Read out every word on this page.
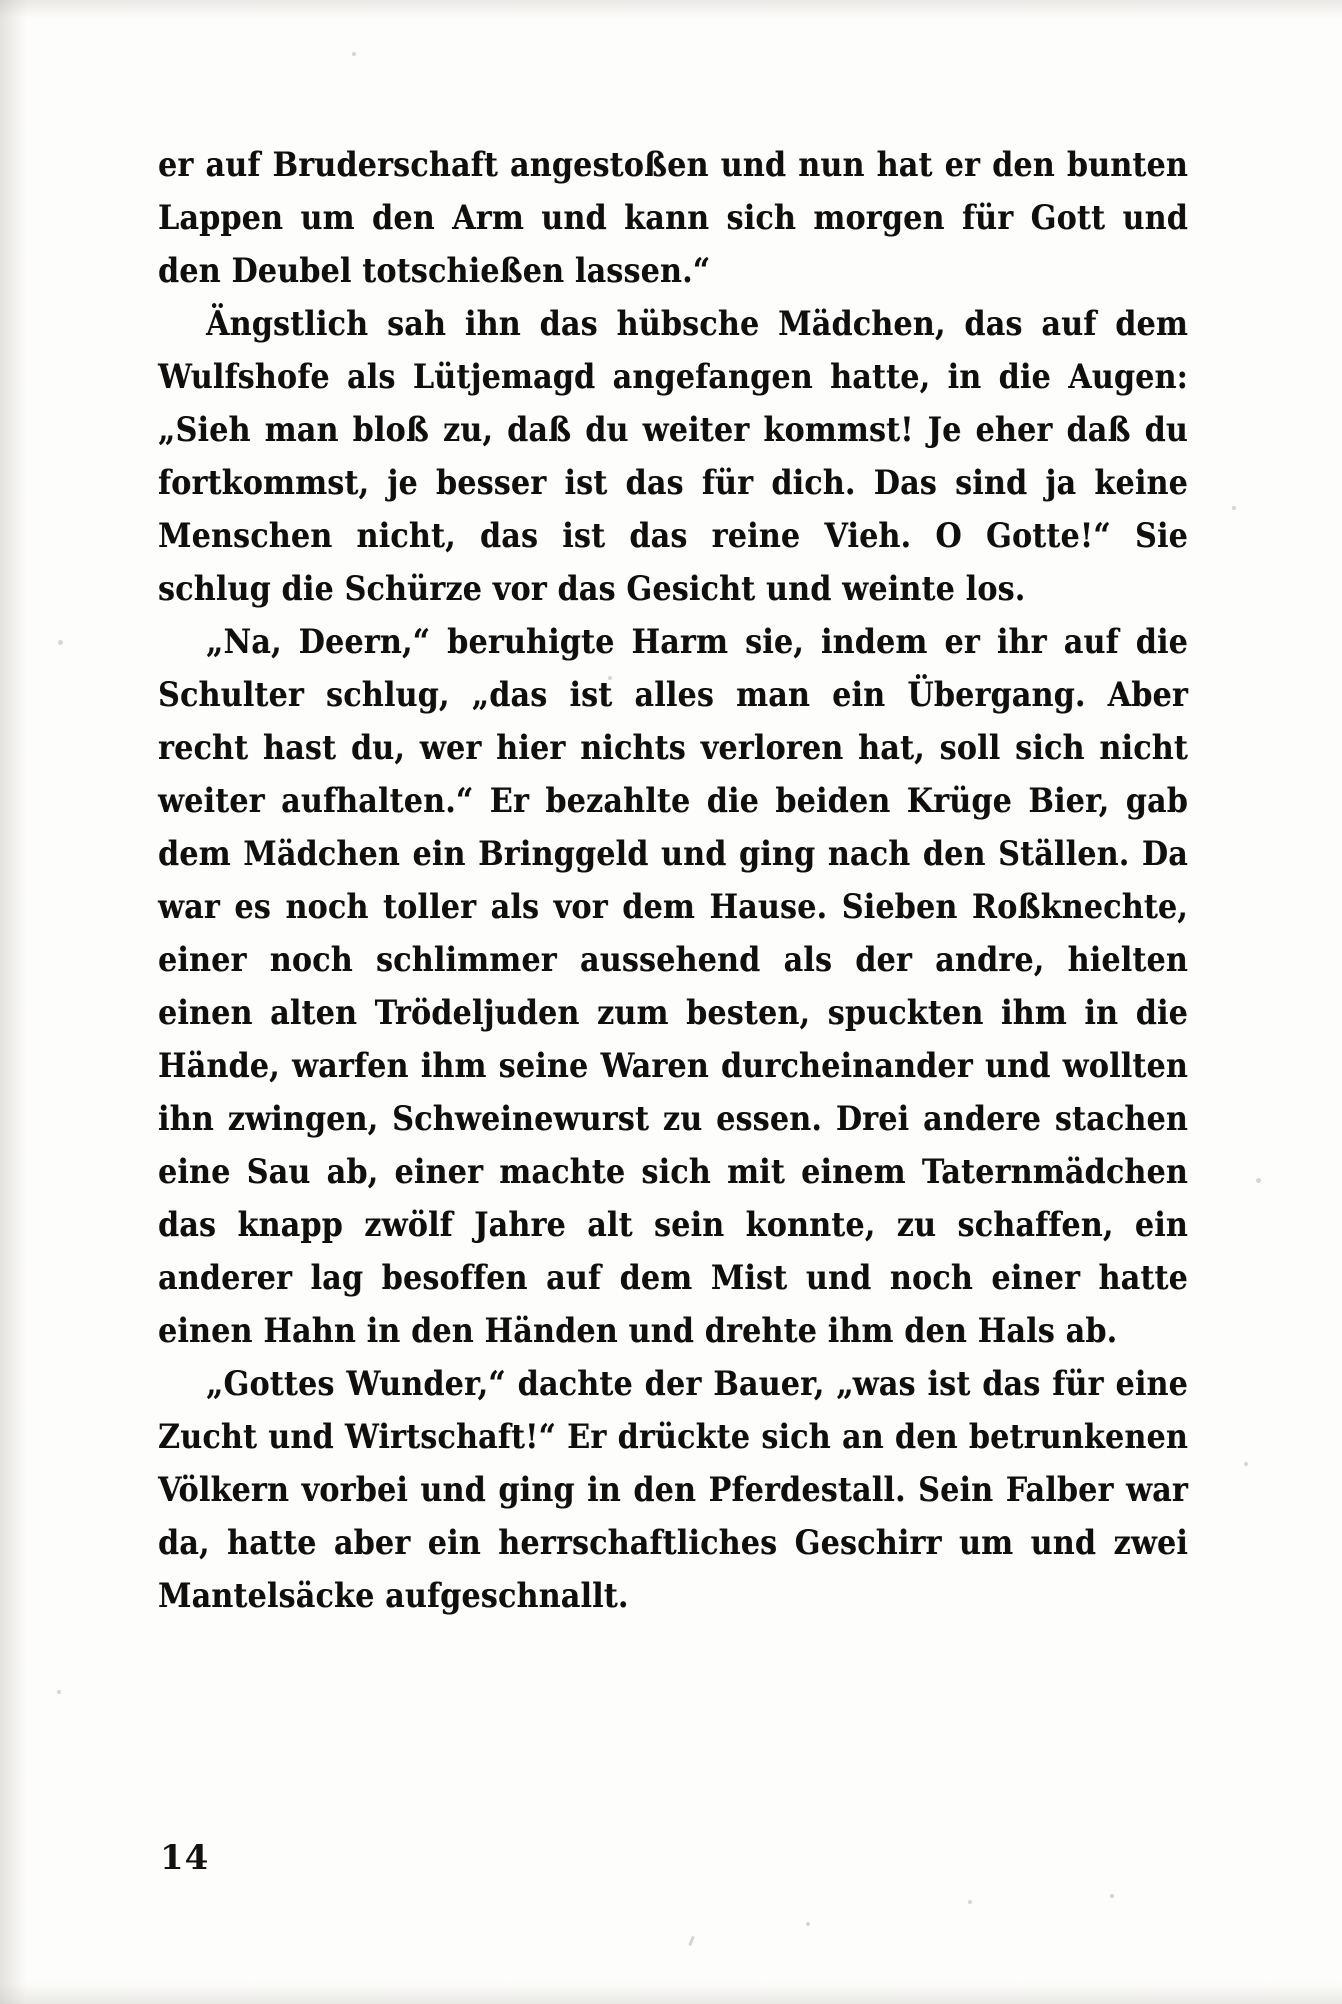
er auf Bruderschaft angestoßen und nun hat er den bunten Lappen um den Arm und kann sich morgen für Gott und den Deubel totschießen lassen.“

Ängstlich sah ihn das hübsche Mädchen, das auf dem Wulfshofe als Lütjemagd angefangen hatte, in die Augen: „Sieh man bloß zu, daß du weiter kommst! Je eher daß du fortkommst, je besser ist das für dich. Das sind ja keine Menschen nicht, das ist das reine Vieh. O Gotte!“ Sie schlug die Schürze vor das Gesicht und weinte los.

„Na, Deern,“ beruhigte Harm sie, indem er ihr auf die Schulter schlug, „das ist alles man ein Übergang. Aber recht hast du, wer hier nichts verloren hat, soll sich nicht weiter aufhalten.“ Er bezahlte die beiden Krüge Bier, gab dem Mädchen ein Bringgeld und ging nach den Ställen. Da war es noch toller als vor dem Hause. Sieben Roßknechte, einer noch schlimmer aussehend als der andre, hielten einen alten Trödeljuden zum besten, spuckten ihm in die Hände, warfen ihm seine Waren durcheinander und wollten ihn zwingen, Schweinewurst zu essen. Drei andere stachen eine Sau ab, einer machte sich mit einem Taternmädchen das knapp zwölf Jahre alt sein konnte, zu schaffen, ein anderer lag besoffen auf dem Mist und noch einer hatte einen Hahn in den Händen und drehte ihm den Hals ab.

„Gottes Wunder,“ dachte der Bauer, „was ist das für eine Zucht und Wirtschaft!“ Er drückte sich an den betrunkenen Völkern vorbei und ging in den Pferdestall. Sein Falber war da, hatte aber ein herrschaftliches Geschirr um und zwei Mantelsäcke aufgeschnallt.

14
